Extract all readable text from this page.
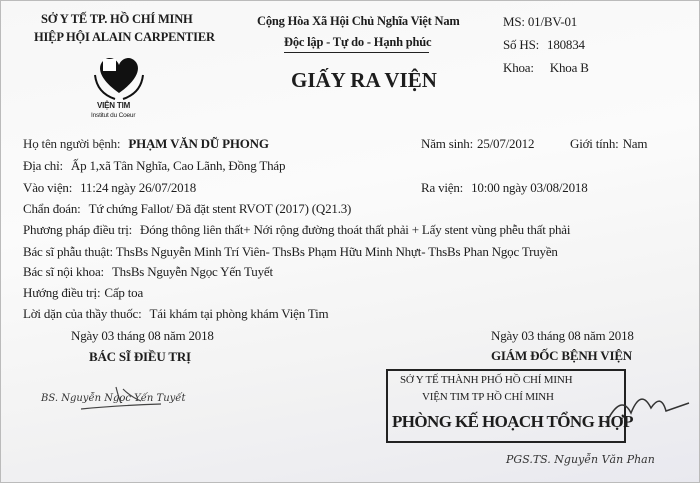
SỞ Y TẾ TP. HỒ CHÍ MINH
HIỆP HỘI ALAIN CARPENTIER
VIỆN TIM
Institut du Coeur
Cộng Hòa Xã Hội Chủ Nghĩa Việt Nam
Độc lập - Tự do - Hạnh phúc
GIẤY RA VIỆN
MS: 01/BV-01
Số HS: 180834
Khoa: Khoa B
Họ tên người bệnh: PHẠM VĂN DŨ PHONG	Năm sinh: 25/07/2012	Giới tính: Nam
Địa chỉ: Ấp 1,xã Tân Nghĩa, Cao Lãnh, Đồng Tháp
Vào viện: 11:24 ngày 26/07/2018	Ra viện: 10:00 ngày 03/08/2018
Chẩn đoán: Tứ chứng Fallot/ Đã đặt stent RVOT (2017) (Q21.3)
Phương pháp điều trị: Đóng thông liên thất+ Nới rộng đường thoát thất phải + Lấy stent vùng phễu thất phải
Bác sĩ phẫu thuật: ThsBs Nguyễn Minh Trí Viên- ThsBs Phạm Hữu Minh Nhựt- ThsBs Phan Ngọc Truyền
Bác sĩ nội khoa: ThsBs Nguyễn Ngọc Yến Tuyết
Hướng điều trị: Cấp toa
Lời dặn của thầy thuốc: Tái khám tại phòng khám Viện Tim
Ngày 03 tháng 08 năm 2018
BÁC SĨ ĐIỀU TRỊ
BS. Nguyễn Ngọc Yến Tuyết
Ngày 03 tháng 08 năm 2018
GIÁM ĐỐC BỆNH VIỆN
SỞ Y TẾ THÀNH PHỐ HỒ CHÍ MINH
VIỆN TIM TP HỒ CHÍ MINH
PHÒNG KẾ HOẠCH TỔNG HỢP
PGS.TS. Nguyễn Văn Phan
